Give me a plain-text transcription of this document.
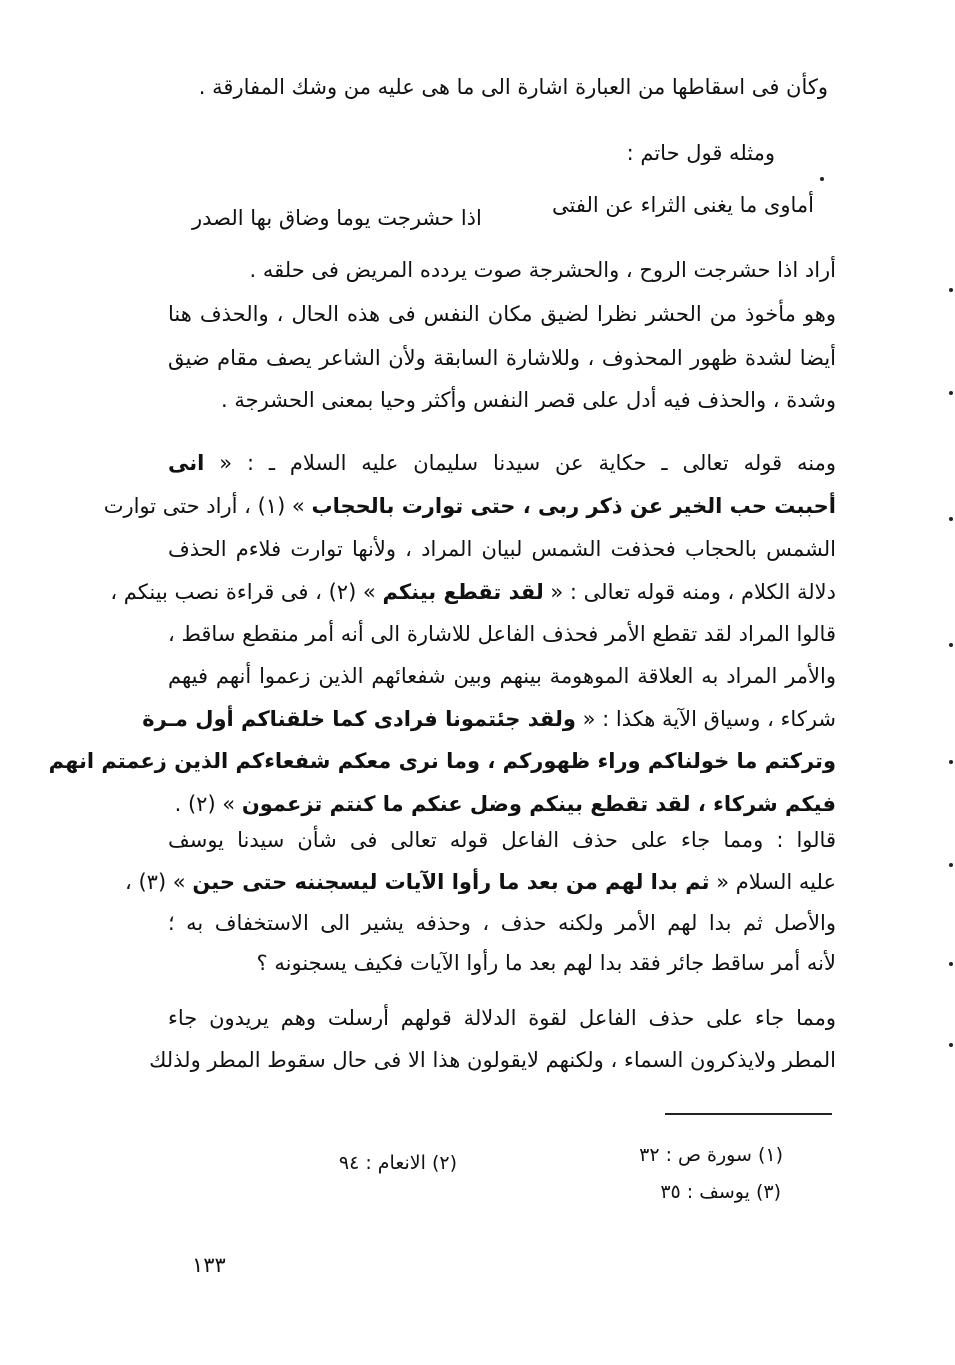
وكأن فى اسقاطها من العبارة اشارة الى ما هى عليه من وشك المفارقة .
ومثله قول حاتم :
أماوى ما يغنى الثراء عن الفتى
اذا حشرجت يوما وضاق بها الصدر
أراد اذا حشرجت الروح ، والحشرجة صوت يردده المريض فى حلقه .
وهو مأخوذ من الحشر نظرا لضيق مكان النفس فى هذه الحال ، والحذف هنا
أيضا لشدة ظهور المحذوف ، وللاشارة السابقة ولأن الشاعر يصف مقام ضيق
وشدة ، والحذف فيه أدل على قصر النفس وأكثر وحيا بمعنى الحشرجة .
ومنه قوله تعالى ـ حكاية عن سيدنا سليمان عليه السلام ـ : « انى
أحببت حب الخير عن ذكر ربى ، حتى توارت بالحجاب » (١) ، أراد حتى توارت
الشمس بالحجاب فحذفت الشمس لبيان المراد ، ولأنها توارت فلاءم الحذف
دلالة الكلام ، ومنه قوله تعالى : « لقد تقطع بينكم » (٢) ، فى قراءة نصب بينكم ،
قالوا المراد لقد تقطع الأمر فحذف الفاعل للاشارة الى أنه أمر منقطع ساقط ،
والأمر المراد به العلاقة الموهومة بينهم وبين شفعائهم الذين زعموا أنهم فيهم
شركاء ، وسياق الآية هكذا : « ولقد جئتمونا فرادى كما خلقناكم أول مـرة
وتركتم ما خولناكم وراء ظهوركم ، وما نرى معكم شفعاءكم الذين زعمتم انهم
فيكم شركاء ، لقد تقطع بينكم وضل عنكم ما كنتم تزعمون » (٢) .
قالوا : ومما جاء على حذف الفاعل قوله تعالى فى شأن سيدنا يوسف
عليه السلام « ثم بدا لهم من بعد ما رأوا الآيات ليسجننه حتى حين » (٣) ،
والأصل ثم بدا لهم الأمر ولكنه حذف ، وحذفه يشير الى الاستخفاف به ؛
لأنه أمر ساقط جائر فقد بدا لهم بعد ما رأوا الآيات فكيف يسجنونه ؟
ومما جاء على حذف الفاعل لقوة الدلالة قولهم أرسلت وهم يريدون جاء
المطر ولايذكرون السماء ، ولكنهم لايقولون هذا الا فى حال سقوط المطر ولذلك
(١) سورة ص : ٣٢
(٢) الانعام : ٩٤
(٣) يوسف : ٣٥
١٣٣
